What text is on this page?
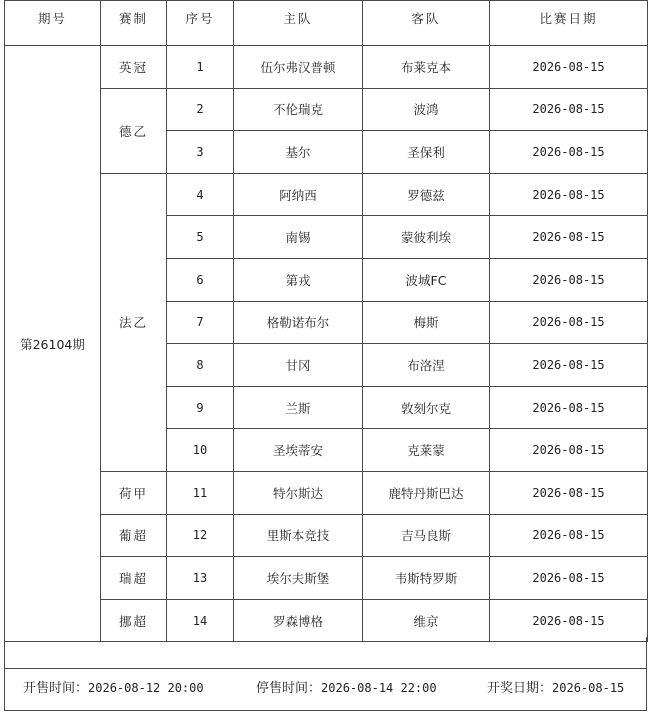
期号	赛制	序号	主队	客队	比赛日期
第26104期	英冠	1	伍尔弗汉普顿	布莱克本	2026-08-15
	德乙	2	不伦瑞克	波鸿	2026-08-15
		3	基尔	圣保利	2026-08-15
	法乙	4	阿纳西	罗德兹	2026-08-15
		5	南锡	蒙彼利埃	2026-08-15
		6	第戎	波城FC	2026-08-15
		7	格勒诺布尔	梅斯	2026-08-15
		8	甘冈	布洛涅	2026-08-15
		9	兰斯	敦刻尔克	2026-08-15
		10	圣埃蒂安	克莱蒙	2026-08-15
	荷甲	11	特尔斯达	鹿特丹斯巴达	2026-08-15
	葡超	12	里斯本竞技	吉马良斯	2026-08-15
	瑞超	13	埃尔夫斯堡	韦斯特罗斯	2026-08-15
	挪超	14	罗森博格	维京	2026-08-15
开售时间：2026-08-12 20:00	停售时间：2026-08-14 22:00	开奖日期：2026-08-15
